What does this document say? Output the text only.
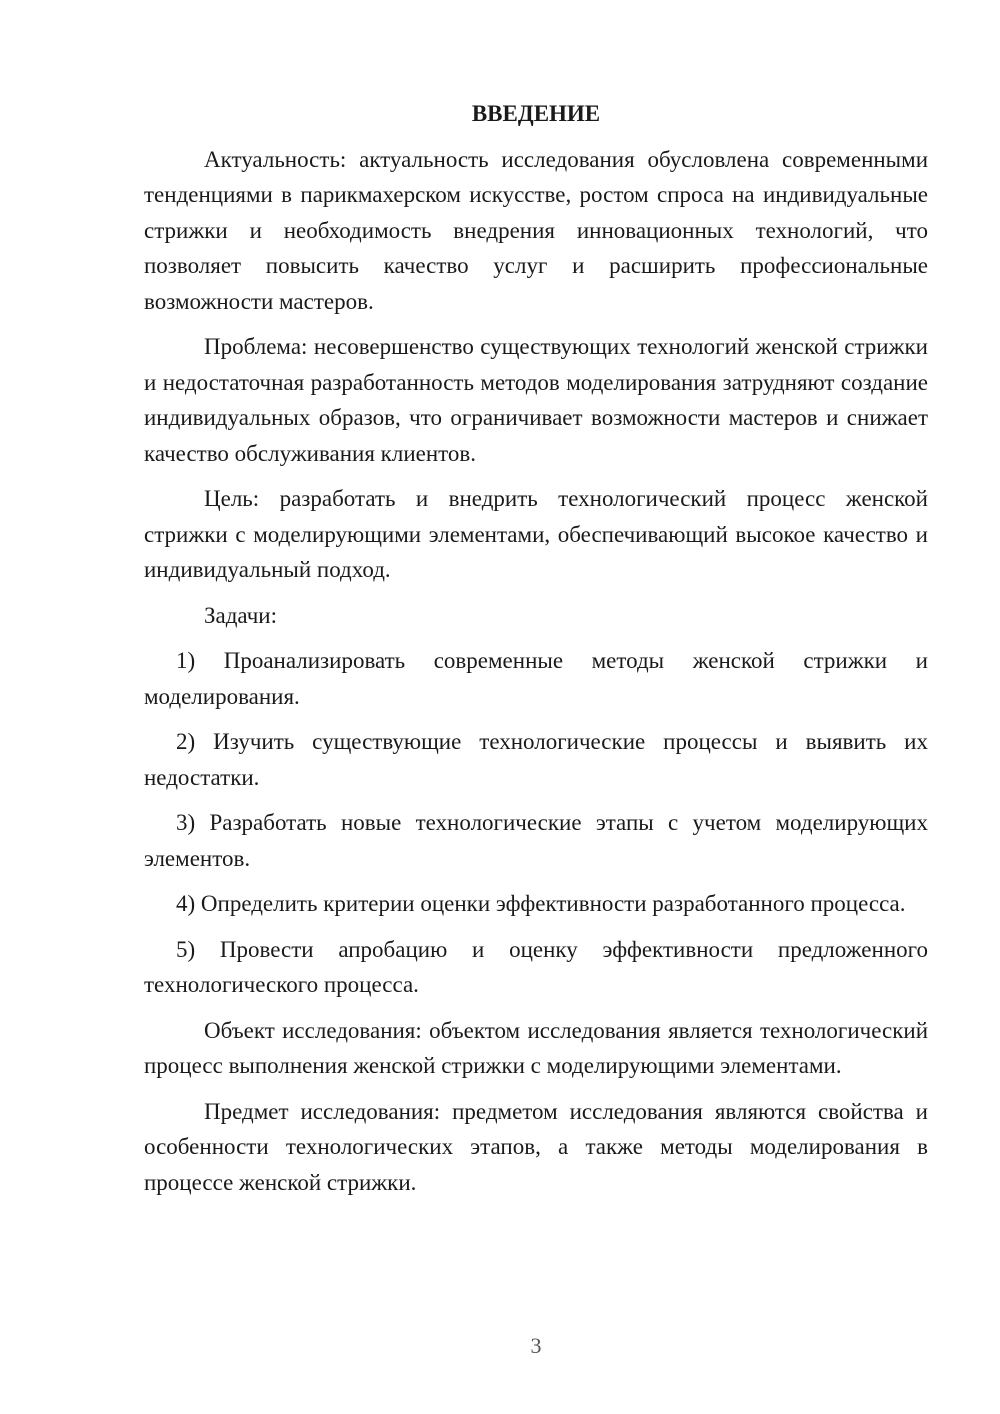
ВВЕДЕНИЕ

Актуальность: актуальность исследования обусловлена современными тенденциями в парикмахерском искусстве, ростом спроса на индивидуальные стрижки и необходимость внедрения инновационных технологий, что позволяет повысить качество услуг и расширить профессиональные возможности мастеров.

Проблема: несовершенство существующих технологий женской стрижки и недостаточная разработанность методов моделирования затрудняют создание индивидуальных образов, что ограничивает возможности мастеров и снижает качество обслуживания клиентов.

Цель: разработать и внедрить технологический процесс женской стрижки с моделирующими элементами, обеспечивающий высокое качество и индивидуальный подход.

Задачи:

1) Проанализировать современные методы женской стрижки и моделирования.

2) Изучить существующие технологические процессы и выявить их недостатки.

3) Разработать новые технологические этапы с учетом моделирующих элементов.

4) Определить критерии оценки эффективности разработанного процесса.

5) Провести апробацию и оценку эффективности предложенного технологического процесса.

Объект исследования: объектом исследования является технологический процесс выполнения женской стрижки с моделирующими элементами.

Предмет исследования: предметом исследования являются свойства и особенности технологических этапов, а также методы моделирования в процессе женской стрижки.

3
